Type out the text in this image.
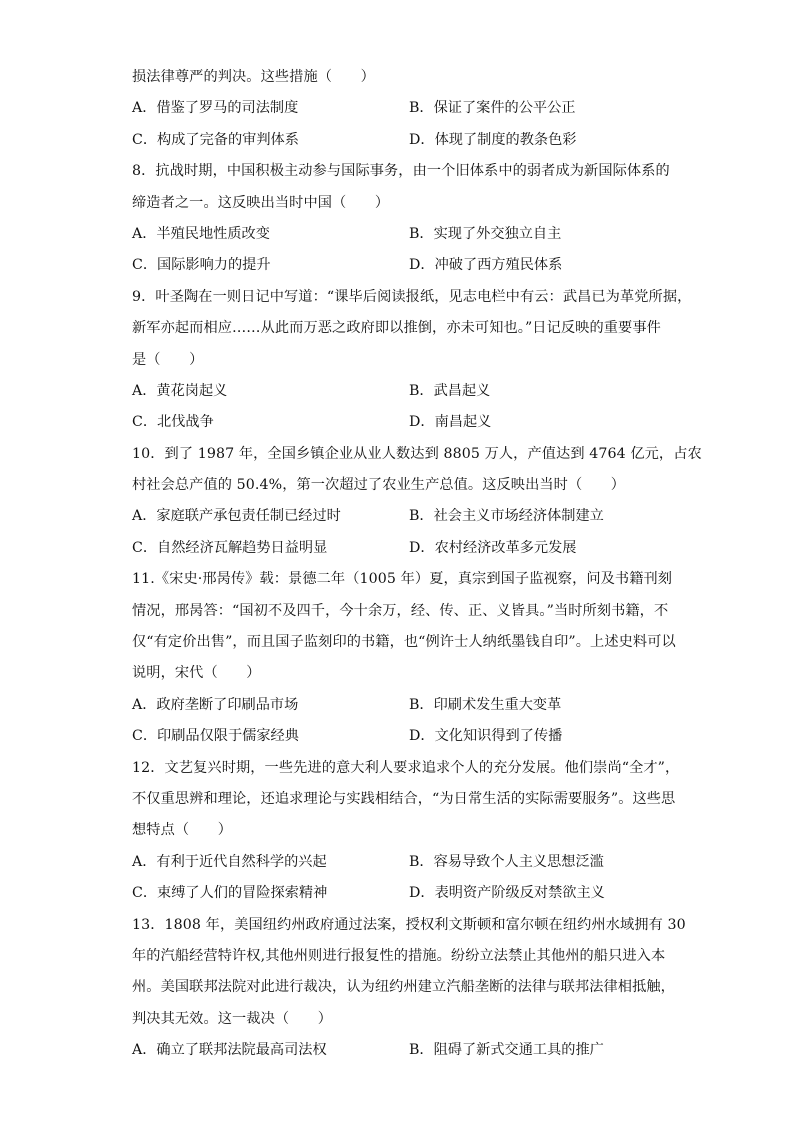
损法律尊严的判决。这些措施（　　）
A．借鉴了罗马的司法制度	B．保证了案件的公平公正
C．构成了完备的审判体系	D．体现了制度的教条色彩
8．抗战时期，中国积极主动参与国际事务，由一个旧体系中的弱者成为新国际体系的
缔造者之一。这反映出当时中国（　　）
A．半殖民地性质改变	B．实现了外交独立自主
C．国际影响力的提升	D．冲破了西方殖民体系
9．叶圣陶在一则日记中写道：“课毕后阅读报纸，见志电栏中有云：武昌已为革党所据，
新军亦起而相应……从此而万恶之政府即以推倒，亦未可知也。”日记反映的重要事件
是（　　）
A．黄花岗起义	B．武昌起义
C．北伐战争	D．南昌起义
10．到了 1987 年，全国乡镇企业从业人数达到 8805 万人，产值达到 4764 亿元，占农
村社会总产值的 50.4%，第一次超过了农业生产总值。这反映出当时（　　）
A．家庭联产承包责任制已经过时	B．社会主义市场经济体制建立
C．自然经济瓦解趋势日益明显	D．农村经济改革多元发展
11.《宋史·邢昺传》载：景德二年（1005 年）夏，真宗到国子监视察，问及书籍刊刻
情况，邢昺答：“国初不及四千，今十余万，经、传、正、义皆具。”当时所刻书籍，不
仅“有定价出售”，而且国子监刻印的书籍，也“例许士人纳纸墨钱自印”。上述史料可以
说明，宋代（　　）
A．政府垄断了印刷品市场	B．印刷术发生重大变革
C．印刷品仅限于儒家经典	D．文化知识得到了传播
12．文艺复兴时期，一些先进的意大利人要求追求个人的充分发展。他们崇尚“全才”，
不仅重思辨和理论，还追求理论与实践相结合，“为日常生活的实际需要服务”。这些思
想特点（　　）
A．有利于近代自然科学的兴起	B．容易导致个人主义思想泛滥
C．束缚了人们的冒险探索精神	D．表明资产阶级反对禁欲主义
13．1808 年，美国纽约州政府通过法案，授权利文斯顿和富尔顿在纽约州水域拥有 30
年的汽船经营特许权,其他州则进行报复性的措施。纷纷立法禁止其他州的船只进入本
州。美国联邦法院对此进行裁决，认为纽约州建立汽船垄断的法律与联邦法律相抵触，
判决其无效。这一裁决（　　）
A．确立了联邦法院最高司法权	B．阻碍了新式交通工具的推广
